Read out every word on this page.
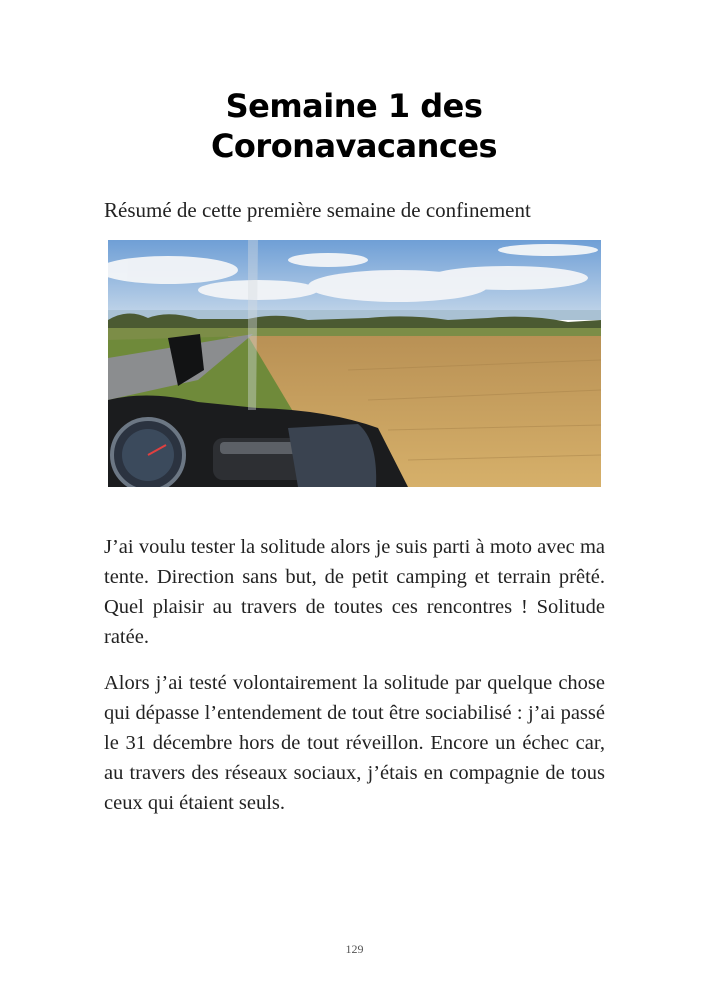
Semaine 1 des
Coronavacances
Résumé de cette première semaine de confinement

J’ai voulu tester la solitude alors je suis parti à moto avec ma tente. Direction sans but, de petit camping et terrain prêté. Quel plaisir au travers de toutes ces rencontres ! Solitude ratée.

Alors j’ai testé volontairement la solitude par quelque chose qui dépasse l’entendement de tout être sociabilisé : j’ai passé le 31 décembre hors de tout réveillon. Encore un échec car, au travers des réseaux sociaux, j’étais en compagnie de tous ceux qui étaient seuls.

129
